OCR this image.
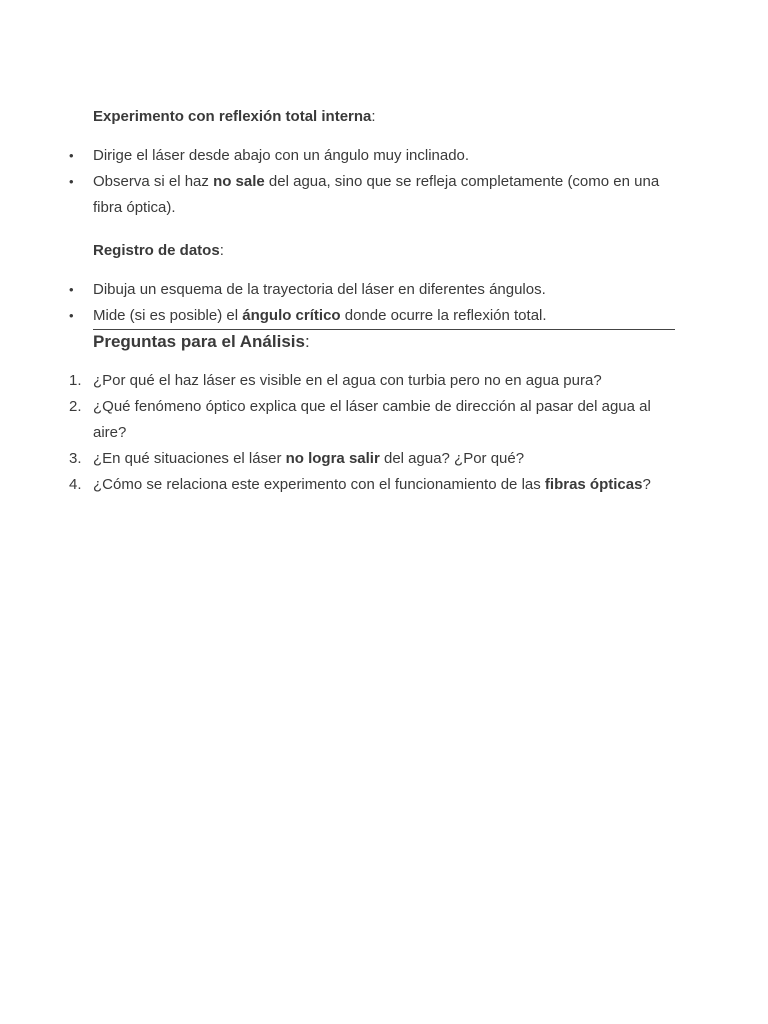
Experimento con reflexión total interna:

•	Dirige el láser desde abajo con un ángulo muy inclinado.
•	Observa si el haz no sale del agua, sino que se refleja completamente (como en una fibra óptica).

Registro de datos:

•	Dibuja un esquema de la trayectoria del láser en diferentes ángulos.
•	Mide (si es posible) el ángulo crítico donde ocurre la reflexión total.

Preguntas para el Análisis:

1. ¿Por qué el haz láser es visible en el agua con turbia pero no en agua pura?
2. ¿Qué fenómeno óptico explica que el láser cambie de dirección al pasar del agua al aire?
3. ¿En qué situaciones el láser no logra salir del agua? ¿Por qué?
4. ¿Cómo se relaciona este experimento con el funcionamiento de las fibras ópticas?
